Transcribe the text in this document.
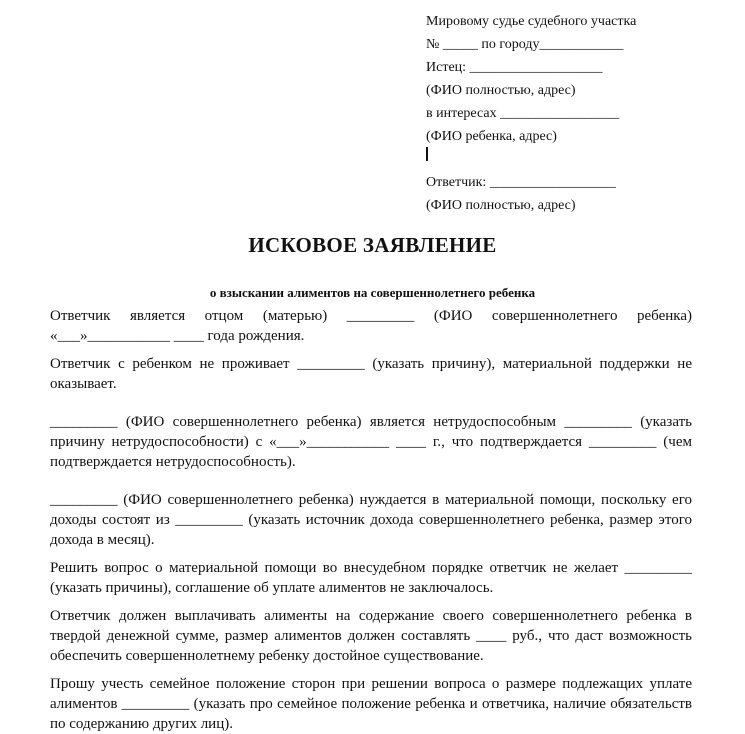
Мировому судье судебного участка
№ _____ по городу____________
Истец: ___________________
(ФИО полностью, адрес)
в интересах _________________
(ФИО ребенка, адрес)

Ответчик: __________________
(ФИО полностью, адрес)
ИСКОВОЕ ЗАЯВЛЕНИЕ
о взыскании алиментов на совершеннолетнего ребенка

Ответчик является отцом (матерью) _________ (ФИО совершеннолетнего ребенка) «___»___________ ____ года рождения.

Ответчик с ребенком не проживает _________ (указать причину), материальной поддержки не оказывает.

_________ (ФИО совершеннолетнего ребенка) является нетрудоспособным _________ (указать причину нетрудоспособности) с «___»___________ ____ г., что подтверждается _________ (чем подтверждается нетрудоспособность).

_________ (ФИО совершеннолетнего ребенка) нуждается в материальной помощи, поскольку его доходы состоят из _________ (указать источник дохода совершеннолетнего ребенка, размер этого дохода в месяц).

Решить вопрос о материальной помощи во внесудебном порядке ответчик не желает _________ (указать причины), соглашение об уплате алиментов не заключалось.

Ответчик должен выплачивать алименты на содержание своего совершеннолетнего ребенка в твердой денежной сумме, размер алиментов должен составлять ____ руб., что даст возможность обеспечить совершеннолетнему ребенку достойное существование.

Прошу учесть семейное положение сторон при решении вопроса о размере подлежащих уплате алиментов _________ (указать про семейное положение ребенка и ответчика, наличие обязательств по содержанию других лиц).
